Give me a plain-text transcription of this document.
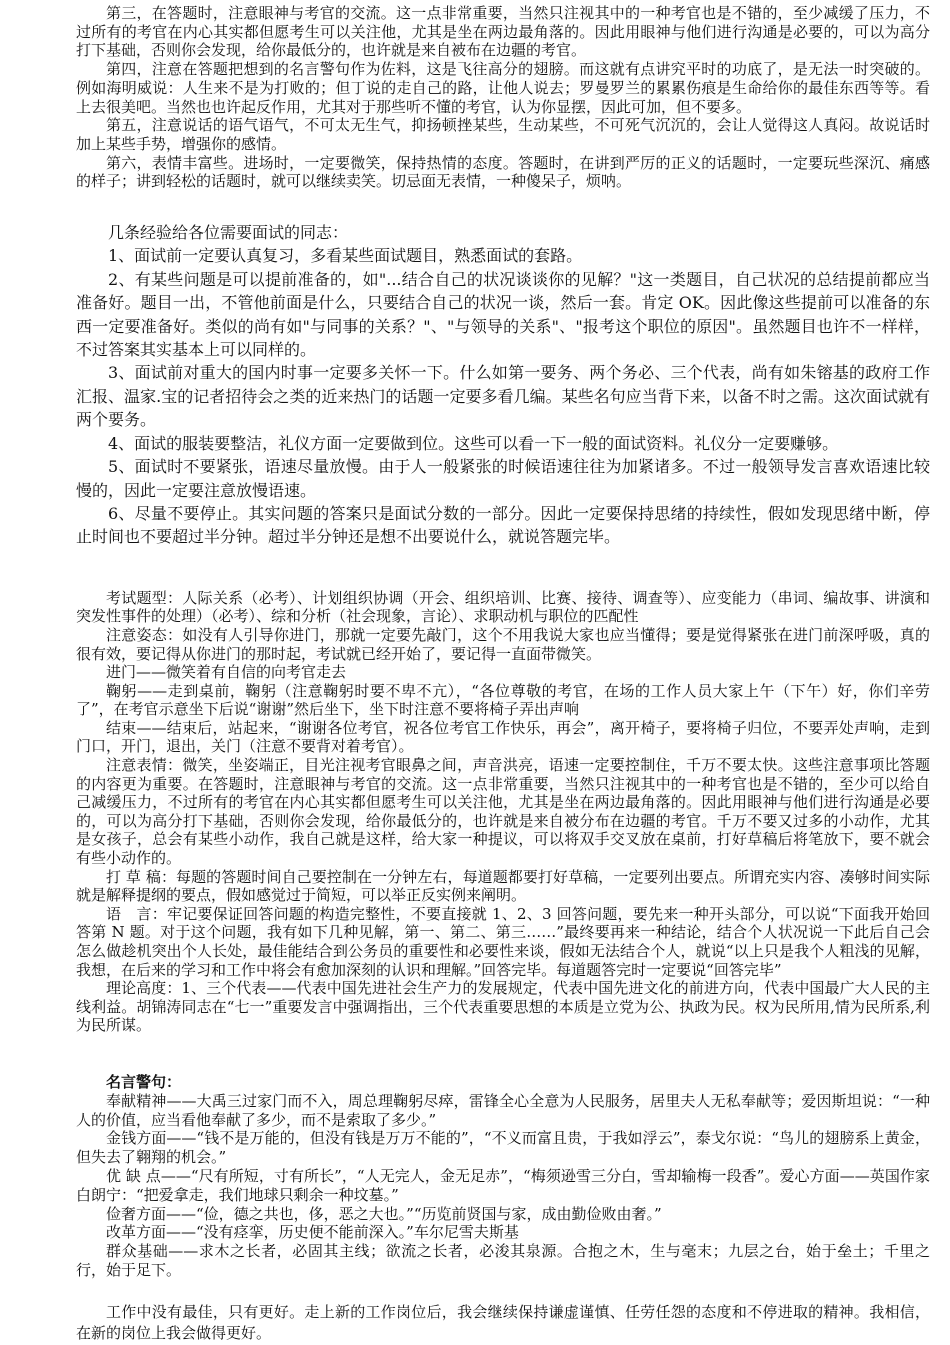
第三，在答题时，注意眼神与考官的交流。这一点非常重要，当然只注视其中的一种考官也是不错的，至少减缓了压力，不过所有的考官在内心其实都但愿考生可以关注他，尤其是坐在两边最角落的。因此用眼神与他们进行沟通是必要的，可以为高分打下基础，否则你会发现，给你最低分的，也许就是来自被布在边疆的考官。

第四，注意在答题把想到的名言警句作为佐料，这是飞往高分的翅膀。而这就有点讲究平时的功底了，是无法一时突破的。例如海明威说：人生来不是为打败的；但丁说的走自己的路，让他人说去；罗曼罗兰的累累伤痕是生命给你的最佳东西等等。看上去很美吧。当然也也许起反作用，尤其对于那些听不懂的考官，认为你显摆，因此可加，但不要多。

第五，注意说话的语气语气，不可太无生气，抑扬顿挫某些，生动某些，不可死气沉沉的，会让人觉得这人真闷。故说话时加上某些手势，增强你的感情。

第六，表情丰富些。进场时，一定要微笑，保持热情的态度。答题时，在讲到严厉的正义的话题时，一定要玩些深沉、痛感的样子；讲到轻松的话题时，就可以继续卖笑。切忌面无表情，一种傻呆子，烦呐。

几条经验给各位需要面试的同志：

1、面试前一定要认真复习，多看某些面试题目，熟悉面试的套路。

2、有某些问题是可以提前准备的，如"...结合自己的状况谈谈你的见解？"这一类题目，自己状况的总结提前都应当准备好。题目一出，不管他前面是什么，只要结合自己的状况一谈，然后一套。肯定 OK。因此像这些提前可以准备的东西一定要准备好。类似的尚有如"与同事的关系？"、"与领导的关系"、"报考这个职位的原因"。虽然题目也许不一样样，不过答案其实基本上可以同样的。

3、面试前对重大的国内时事一定要多关怀一下。什么如第一要务、两个务必、三个代表，尚有如朱镕基的政府工作汇报、温家.宝的记者招待会之类的近来热门的话题一定要多看几编。某些名句应当背下来，以备不时之需。这次面试就有两个要务。

4、面试的服装要整洁，礼仪方面一定要做到位。这些可以看一下一般的面试资料。礼仪分一定要赚够。

5、面试时不要紧张，语速尽量放慢。由于人一般紧张的时候语速往往为加紧诸多。不过一般领导发言喜欢语速比较慢的，因此一定要注意放慢语速。

6、尽量不要停止。其实问题的答案只是面试分数的一部分。因此一定要保持思绪的持续性，假如发现思绪中断，停止时间也不要超过半分钟。超过半分钟还是想不出要说什么，就说答题完毕。

考试题型：人际关系（必考）、计划组织协调（开会、组织培训、比赛、接待、调查等）、应变能力（串词、编故事、讲演和突发性事件的处理）（必考）、综和分析（社会现象，言论）、求职动机与职位的匹配性

注意姿态：如没有人引导你进门，那就一定要先敲门，这个不用我说大家也应当懂得；要是觉得紧张在进门前深呼吸，真的很有效，要记得从你进门的那时起，考试就已经开始了，要记得一直面带微笑。

进门——微笑着有自信的向考官走去

鞠躬——走到桌前，鞠躬（注意鞠躬时要不卑不亢），“各位尊敬的考官，在场的工作人员大家上午（下午）好，你们辛劳了”，在考官示意坐下后说“谢谢”然后坐下，坐下时注意不要将椅子弄出声响

结束——结束后，站起来，“谢谢各位考官，祝各位考官工作快乐，再会”，离开椅子，要将椅子归位，不要弄处声响，走到门口，开门，退出，关门（注意不要背对着考官）。

注意表情：微笑，坐姿端正，目光注视考官眼鼻之间，声音洪亮，语速一定要控制住，千万不要太快。这些注意事项比答题的内容更为重要。在答题时，注意眼神与考官的交流。这一点非常重要，当然只注视其中的一种考官也是不错的，至少可以给自己减缓压力，不过所有的考官在内心其实都但愿考生可以关注他，尤其是坐在两边最角落的。因此用眼神与他们进行沟通是必要的，可以为高分打下基础，否则你会发现，给你最低分的，也许就是来自被分布在边疆的考官。千万不要又过多的小动作，尤其是女孩子，总会有某些小动作，我自己就是这样，给大家一种提议，可以将双手交叉放在桌前，打好草稿后将笔放下，要不就会有些小动作的。

打 草 稿：每题的答题时间自己要控制在一分钟左右，每道题都要打好草稿，一定要列出要点。所谓充实内容、凑够时间实际就是解释提纲的要点，假如感觉过于简短，可以举正反实例来阐明。

语　言：牢记要保证回答问题的构造完整性，不要直接就 1、2、3 回答问题，要先来一种开头部分，可以说“下面我开始回答第 N 题。对于这个问题，我有如下几种见解，第一、第二、第三……”最终要再来一种结论，结合个人状况说一下此后自己会怎么做趁机突出个人长处，最佳能结合到公务员的重要性和必要性来谈，假如无法结合个人，就说“以上只是我个人粗浅的见解，我想，在后来的学习和工作中将会有愈加深刻的认识和理解。”回答完毕。每道题答完时一定要说“回答完毕”

理论高度：1、三个代表——代表中国先进社会生产力的发展规定，代表中国先进文化的前进方向，代表中国最广大人民的主线利益。胡锦涛同志在“七一”重要发言中强调指出，三个代表重要思想的本质是立党为公、执政为民。权为民所用,情为民所系,利为民所谋。

名言警句：

奉献精神——大禹三过家门而不入，周总理鞠躬尽瘁，雷锋全心全意为人民服务，居里夫人无私奉献等；爱因斯坦说：“一种人的价值，应当看他奉献了多少，而不是索取了多少。”

金钱方面——“钱不是万能的，但没有钱是万万不能的”，“不义而富且贵，于我如浮云”，泰戈尔说：“鸟儿的翅膀系上黄金，但失去了翱翔的机会。”

优 缺 点——“尺有所短，寸有所长”，“人无完人，金无足赤”，“梅须逊雪三分白，雪却输梅一段香”。爱心方面——英国作家白朗宁：“把爱拿走，我们地球只剩余一种坟墓。”

俭奢方面——“俭，德之共也，侈，恶之大也。”“历览前贤国与家，成由勤俭败由奢。”

改革方面——“没有痉挛，历史便不能前深入。”车尔尼雪夫斯基

群众基础——求木之长者，必固其主线；欲流之长者，必浚其泉源。合抱之木，生与毫末；九层之台，始于垒土；千里之行，始于足下。

工作中没有最佳，只有更好。走上新的工作岗位后，我会继续保持谦虚谨慎、任劳任怨的态度和不停进取的精神。我相信，在新的岗位上我会做得更好。
